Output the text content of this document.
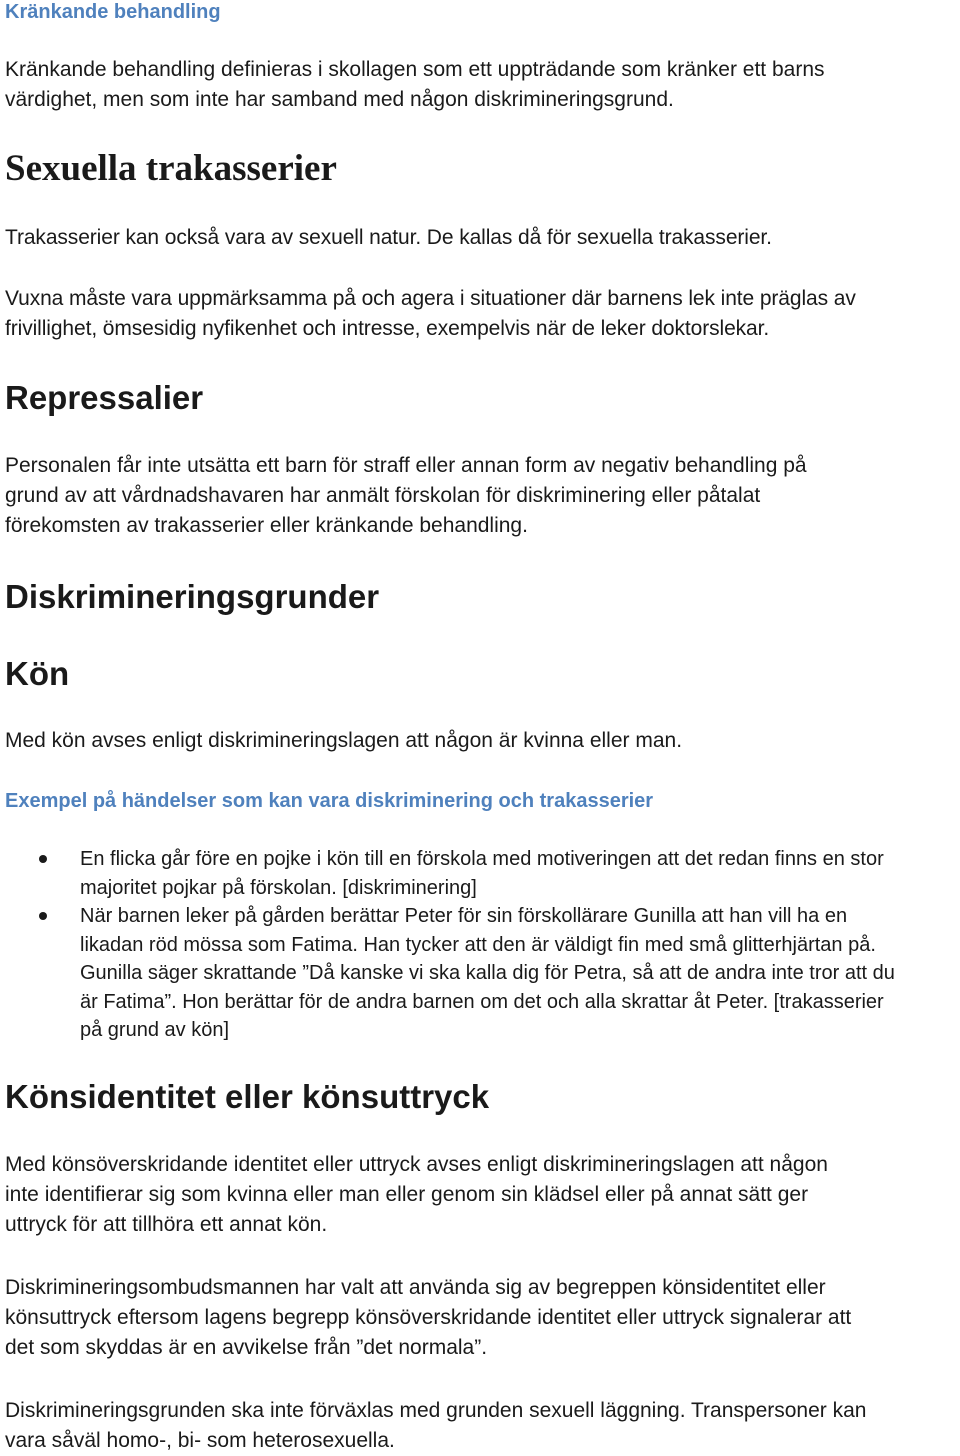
Kränkande behandling

Kränkande behandling definieras i skollagen som ett uppträdande som kränker ett barns
värdighet, men som inte har samband med någon diskrimineringsgrund.

Sexuella trakasserier

Trakasserier kan också vara av sexuell natur. De kallas då för sexuella trakasserier.

Vuxna måste vara uppmärksamma på och agera i situationer där barnens lek inte präglas av
frivillighet, ömsesidig nyfikenhet och intresse, exempelvis när de leker doktorslekar.

Repressalier

Personalen får inte utsätta ett barn för straff eller annan form av negativ behandling på
grund av att vårdnadshavaren har anmält förskolan för diskriminering eller påtalat
förekomsten av trakasserier eller kränkande behandling.

Diskrimineringsgrunder
Kön

Med kön avses enligt diskrimineringslagen att någon är kvinna eller man.

Exempel på händelser som kan vara diskriminering och trakasserier
En flicka går före en pojke i kön till en förskola med motiveringen att det redan finns en stor
majoritet pojkar på förskolan. [diskriminering]
När barnen leker på gården berättar Peter för sin förskollärare Gunilla att han vill ha en
likadan röd mössa som Fatima. Han tycker att den är väldigt fin med små glitterhjärtan på.
Gunilla säger skrattande ”Då kanske vi ska kalla dig för Petra, så att de andra inte tror att du
är Fatima”. Hon berättar för de andra barnen om det och alla skrattar åt Peter. [trakasserier
på grund av kön]
Könsidentitet eller könsuttryck

Med könsöverskridande identitet eller uttryck avses enligt diskrimineringslagen att någon
inte identifierar sig som kvinna eller man eller genom sin klädsel eller på annat sätt ger
uttryck för att tillhöra ett annat kön.

Diskrimineringsombudsmannen har valt att använda sig av begreppen könsidentitet eller
könsuttryck eftersom lagens begrepp könsöverskridande identitet eller uttryck signalerar att
det som skyddas är en avvikelse från ”det normala”.

Diskrimineringsgrunden ska inte förväxlas med grunden sexuell läggning. Transpersoner kan
vara såväl homo-, bi- som heterosexuella.
